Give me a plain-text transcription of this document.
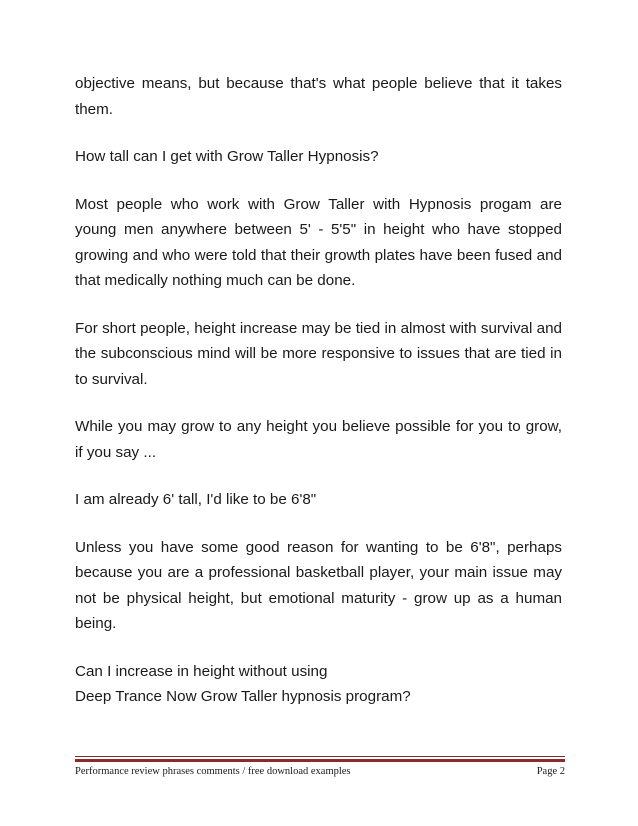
objective means, but because that's what people believe that it takes them.

How tall can I get with Grow Taller Hypnosis?

Most people who work with Grow Taller with Hypnosis progam are young men anywhere between 5' - 5'5" in height who have stopped growing and who were told that their growth plates have been fused and that medically nothing much can be done.

For short people, height increase may be tied in almost with survival and the subconscious mind will be more responsive to issues that are tied in to survival.

While you may grow to any height you believe possible for you to grow, if you say ...

I am already 6' tall, I'd like to be 6'8"

Unless you have some good reason for wanting to be 6'8", perhaps because you are a professional basketball player, your main issue may not be physical height, but emotional maturity - grow up as a human being.

Can I increase in height without using
Deep Trance Now Grow Taller hypnosis program?

Performance review phrases comments / free download examples	Page 2
